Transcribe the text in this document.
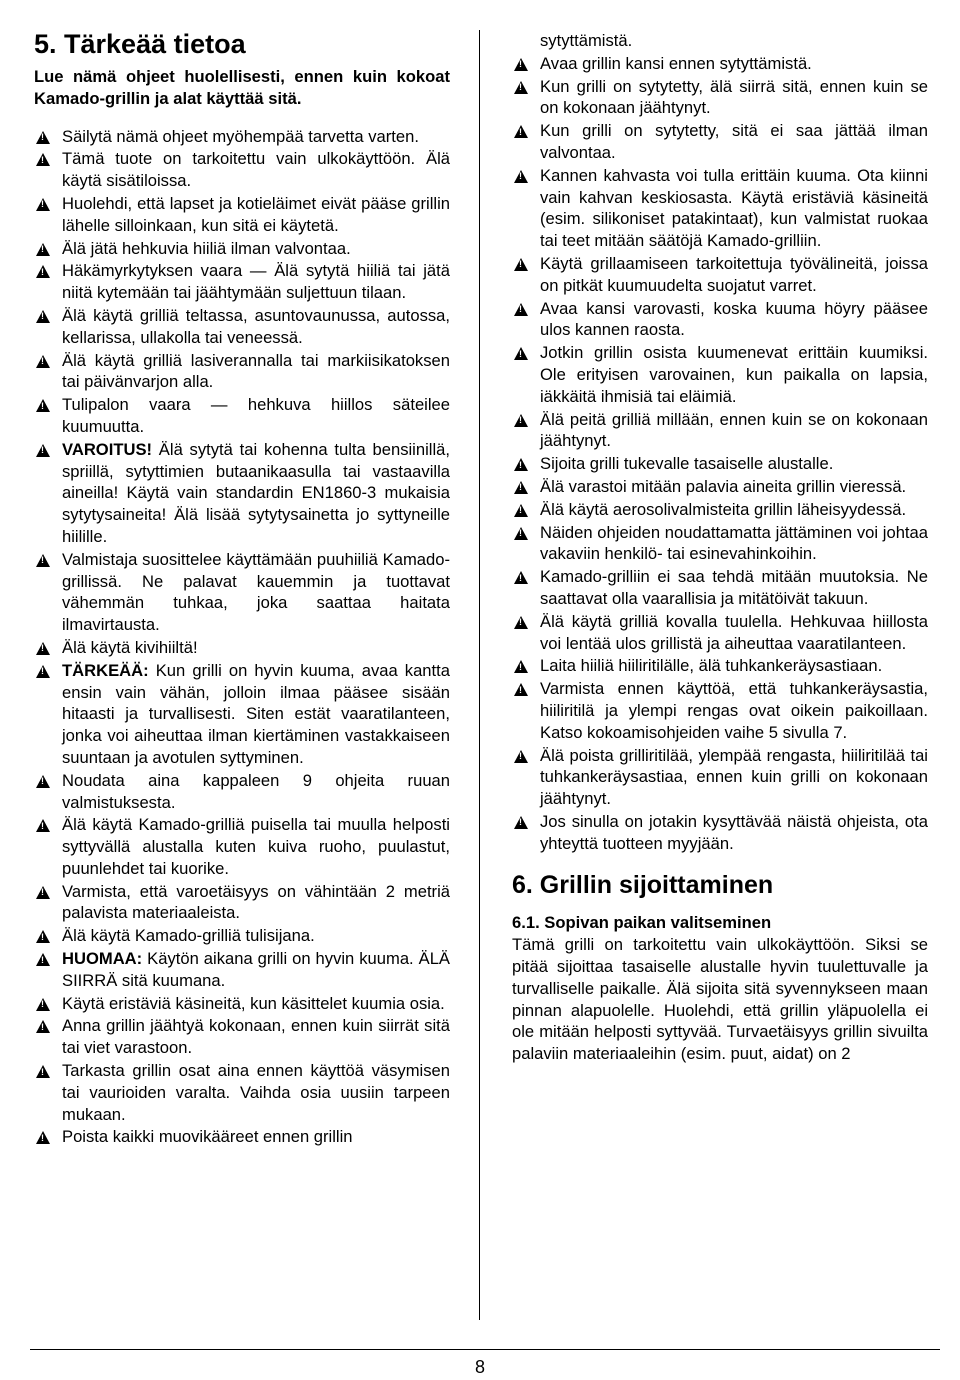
5. Tärkeää tietoa

Lue nämä ohjeet huolellisesti, ennen kuin kokoat Kamado-grillin ja alat käyttää sitä.

!
Säilytä nämä ohjeet myöhempää tarvetta varten.
!
Tämä tuote on tarkoitettu vain ulkokäyttöön. Älä käytä sisätiloissa.
!
Huolehdi, että lapset ja kotieläimet eivät pääse grillin lähelle silloinkaan, kun sitä ei käytetä.
!
Älä jätä hehkuvia hiiliä ilman valvontaa.
!
Häkämyrkytyksen vaara — Älä sytytä hiiliä tai jätä niitä kytemään tai jäähtymään suljettuun tilaan.
!
Älä käytä grilliä teltassa, asuntovaunussa, autossa, kellarissa, ullakolla tai veneessä.
!
Älä käytä grilliä lasiverannalla tai markiisikatoksen tai päivänvarjon alla.
!
Tulipalon vaara — hehkuva hiillos säteilee kuumuutta.
!
VAROITUS! Älä sytytä tai kohenna tulta bensiinillä, spriillä, sytyttimien butaanikaasulla tai vastaavilla aineilla! Käytä vain standardin EN1860-3 mukaisia sytytysaineita! Älä lisää sytytysainetta jo syttyneille hiilille.
!
Valmistaja suosittelee käyttämään puuhiiliä Kamado-grillissä. Ne palavat kauemmin ja tuottavat vähemmän tuhkaa, joka saattaa haitata ilmavirtausta.
!
Älä käytä kivihiiltä!
!
TÄRKEÄÄ: Kun grilli on hyvin kuuma, avaa kantta ensin vain vähän, jolloin ilmaa pääsee sisään hitaasti ja turvallisesti. Siten estät vaaratilanteen, jonka voi aiheuttaa ilman kiertäminen vastakkaiseen suuntaan ja avotulen syttyminen.
!
Noudata aina kappaleen 9 ohjeita ruuan valmistuksesta.
!
Älä käytä Kamado-grilliä puisella tai muulla helposti syttyvällä alustalla kuten kuiva ruoho, puulastut, puunlehdet tai kuorike.
!
Varmista, että varoetäisyys on vähintään 2 metriä palavista materiaaleista.
!
Älä käytä Kamado-grilliä tulisijana.
!
HUOMAA: Käytön aikana grilli on hyvin kuuma. ÄLÄ SIIRRÄ sitä kuumana.
!
Käytä eristäviä käsineitä, kun käsittelet kuumia osia.
!
Anna grillin jäähtyä kokonaan, ennen kuin siirrät sitä tai viet varastoon.
!
Tarkasta grillin osat aina ennen käyttöä väsymisen tai vaurioiden varalta. Vaihda osia uusiin tarpeen mukaan.
!
Poista kaikki muovikääreet ennen grillin
sytyttämistä.
!
Avaa grillin kansi ennen sytyttämistä.
!
Kun grilli on sytytetty, älä siirrä sitä, ennen kuin se on kokonaan jäähtynyt.
!
Kun grilli on sytytetty, sitä ei saa jättää ilman valvontaa.
!
Kannen kahvasta voi tulla erittäin kuuma. Ota kiinni vain kahvan keskiosasta. Käytä eristäviä käsineitä (esim. silikoniset patakintaat), kun valmistat ruokaa tai teet mitään säätöjä Kamado-grilliin.
!
Käytä grillaamiseen tarkoitettuja työvälineitä, joissa on pitkät kuumuudelta suojatut varret.
!
Avaa kansi varovasti, koska kuuma höyry pääsee ulos kannen raosta.
!
Jotkin grillin osista kuumenevat erittäin kuumiksi. Ole erityisen varovainen, kun paikalla on lapsia, iäkkäitä ihmisiä tai eläimiä.
!
Älä peitä grilliä millään, ennen kuin se on kokonaan jäähtynyt.
!
Sijoita grilli tukevalle tasaiselle alustalle.
!
Älä varastoi mitään palavia aineita grillin vieressä.
!
Älä käytä aerosolivalmisteita grillin läheisyydessä.
!
Näiden ohjeiden noudattamatta jättäminen voi johtaa vakaviin henkilö- tai esinevahinkoihin.
!
Kamado-grilliin ei saa tehdä mitään muutoksia. Ne saattavat olla vaarallisia ja mitätöivät takuun.
!
Älä käytä grilliä kovalla tuulella. Hehkuvaa hiillosta voi lentää ulos grillistä ja aiheuttaa vaaratilanteen.
!
Laita hiiliä hiiliritilälle, älä tuhkankeräysastiaan.
!
Varmista ennen käyttöä, että tuhkankeräysastia, hiiliritilä ja ylempi rengas ovat oikein paikoillaan. Katso kokoamisohjeiden vaihe 5 sivulla 7.
!
Älä poista grilliritilää, ylempää rengasta, hiiliritilää tai tuhkankeräysastiaa, ennen kuin grilli on kokonaan jäähtynyt.
!
Jos sinulla on jotakin kysyttävää näistä ohjeista, ota yhteyttä tuotteen myyjään.
6. Grillin sijoittaminen
6.1. Sopivan paikan valitseminen

Tämä grilli on tarkoitettu vain ulkokäyttöön. Siksi se pitää sijoittaa tasaiselle alustalle hyvin tuulettuvalle ja turvalliselle paikalle. Älä sijoita sitä syvennykseen maan pinnan alapuolelle. Huolehdi, että grillin yläpuolella ei ole mitään helposti syttyvää. Turvaetäisyys grillin sivuilta palaviin materiaaleihin (esim. puut, aidat) on 2

8
